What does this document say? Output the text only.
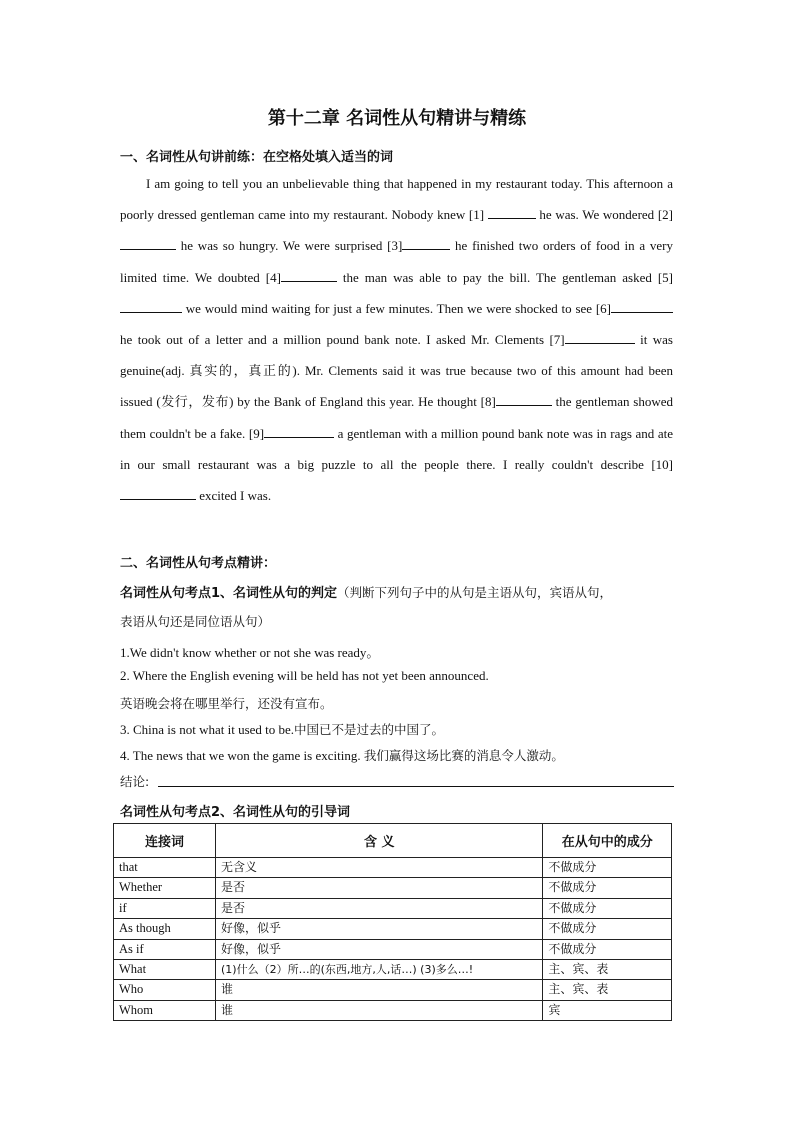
第十二章 名词性从句精讲与精练
一、名词性从句讲前练：在空格处填入适当的词

I am going to tell you an unbelievable thing that happened in my restaurant today. This afternoon a poorly dressed gentleman came into my restaurant. Nobody knew [1]	he was. We wondered [2]  he was so hungry. We were surprised [3]	he finished two orders of food in a very limited time. We doubted [4]	the man was able to pay the bill. The gentleman asked [5] we would mind waiting for just a few minutes. Then we were shocked to see [6] he took out of a letter and a million pound bank note. I asked Mr. Clements [7]	it was genuine(adj. 真实的，真正的). Mr. Clements said it was true because two of this amount had been issued (发行，发布) by the Bank of England this year. He thought [8]	the gentleman showed them couldn't be a fake. [9]	a gentleman with a million pound bank note was in rags and ate in our small restaurant was a big puzzle to all the people there. I really couldn't describe [10] excited I was.

二、名词性从句考点精讲：
名词性从句考点1、名词性从句的判定（判断下列句子中的从句是主语从句，宾语从句，
表语从句还是同位语从句）
1.We didn't know whether or not she was ready。
2. Where the English evening will be held has not yet been announced.
英语晚会将在哪里举行，还没有宣布。
3. China is not what it used to be.中国已不是过去的中国了。
4. The news that we won the game is exciting. 我们赢得这场比赛的消息令人激动。
结论:
名词性从句考点2、名词性从句的引导词
连接词	含 义	在从句中的成分
that	无含义	不做成分
Whether	是否	不做成分
if	是否	不做成分
As though	好像，似乎	不做成分
As if	好像，似乎	不做成分
What	(1)什么（2）所…的(东西,地方,人,话…) (3)多么…!	主、宾、表
Who	谁	主、宾、表
Whom	谁	宾
